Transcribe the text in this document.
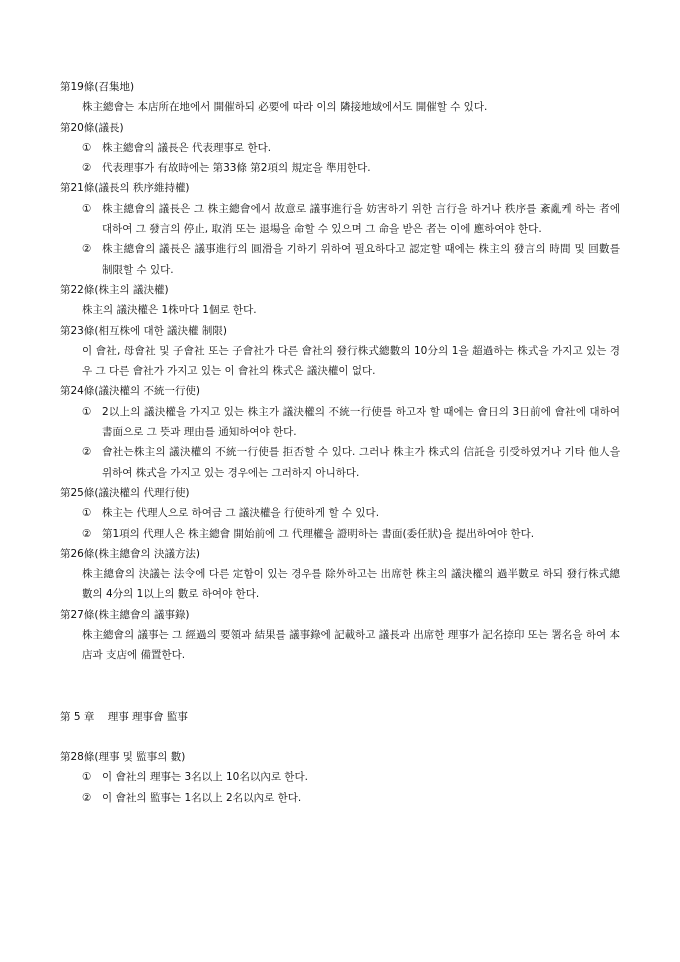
第19條(召集地)
株主總會는 本店所在地에서 開催하되 必要에 따라 이의 隣接地域에서도 開催할 수 있다.
第20條(議長)
①	株主總會의 議長은 代表理事로 한다.
②	代表理事가 有故時에는 第33條 第2項의 規定을 準用한다.
第21條(議長의 秩序維持權)
①	株主總會의 議長은 그 株主總會에서 故意로 議事進行을 妨害하기 위한 言行을 하거나 秩序를 紊亂케 하는 者에 대하여 그 發言의 停止, 取消 또는 退場을 命할 수 있으며 그 命을 받은 者는 이에 應하여야 한다.
②	株主總會의 議長은 議事進行의 圓滑을 기하기 위하여 필요하다고 認定할 때에는 株主의 發言의 時間 및 回數를 制限할 수 있다.
第22條(株主의 議決權)
株主의 議決權은 1株마다 1個로 한다.
第23條(相互株에 대한 議決權 制限)
이 會社, 母會社 및 子會社 또는 子會社가 다른 會社의 發行株式總數의 10分의 1을 超過하는 株式을 가지고 있는 경우 그 다른 會社가 가지고 있는 이 會社의 株式은 議決權이 없다.
第24條(議決權의 不統一行使)
①	2以上의 議決權을 가지고 있는 株主가 議決權의 不統一行使를 하고자 할 때에는 會日의 3日前에 會社에 대하여 書面으로 그 뜻과 理由를 通知하여야 한다.
②	會社는株主의 議決權의 不統一行使를 拒否할 수 있다. 그러나 株主가 株式의 信託을 引受하였거나 기타 他人을 위하여 株式을 가지고 있는 경우에는 그러하지 아니하다.
第25條(議決權의 代理行使)
①	株主는 代理人으로 하여금 그 議決權을 行使하게 할 수 있다.
②	第1項의 代理人은 株主總會 開始前에 그 代理權을 證明하는 書面(委任狀)을 提出하여야 한다.
第26條(株主總會의 決議方法)
株主總會의 決議는 法令에 다른 定함이 있는 경우를 除外하고는 出席한 株主의 議決權의 過半數로 하되 發行株式總數의 4分의 1以上의 數로 하여야 한다.
第27條(株主總會의 議事錄)
株主總會의 議事는 그 經過의 要領과 結果를 議事錄에 記載하고 議長과 出席한 理事가 記名捺印 또는 署名을 하여 本店과 支店에 備置한다.
第 5 章    理事 理事會 監事
第28條(理事 및 監事의 數)
①	이 會社의 理事는 3名以上 10名以內로 한다.
②	이 會社의 監事는 1名以上 2名以內로 한다.
